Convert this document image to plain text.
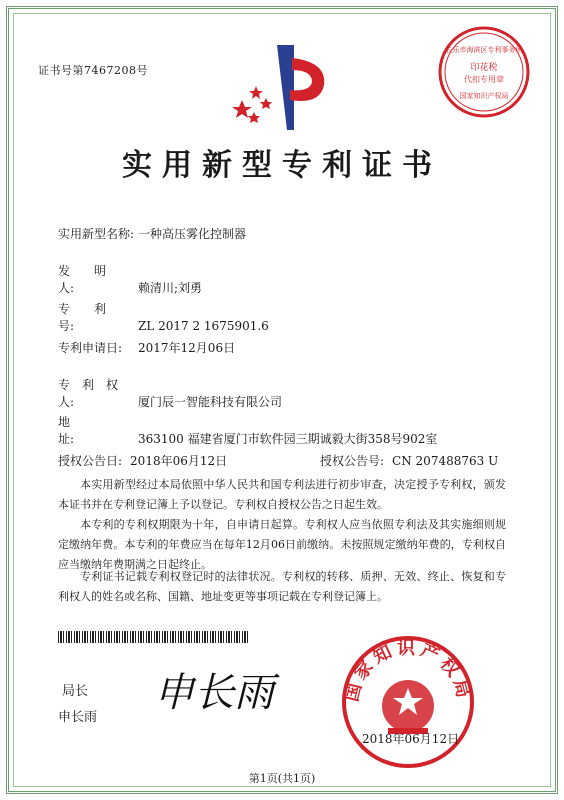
证书号第7467208号
长乐市海滨区专利事务所
印花税
代扣专用章
国家知识产权局
实用新型专利证书
实用新型名称: 一种高压雾化控制器
发　　明　　人:	赖清川;刘勇
专　　利　　号:	ZL 2017 2 1675901.6
专利申请日: 2017年12月06日
专　利　权　人:	厦门辰一智能科技有限公司
地　　　　　址:	363100 福建省厦门市软件园三期诚毅大街358号902室
授权公告日: 2018年06月12日	授权公告号: CN 207488763 U

本实用新型经过本局依照中华人民共和国专利法进行初步审查，决定授予专利权，颁发本证书并在专利登记簿上予以登记。专利权自授权公告之日起生效。

本专利的专利权期限为十年，自申请日起算。专利权人应当依照专利法及其实施细则规定缴纳年费。本专利的年费应当在每年12月06日前缴纳。未按照规定缴纳年费的，专利权自应当缴纳年费期满之日起终止。

专利证书记载专利权登记时的法律状况。专利权的转移、质押、无效、终止、恢复和专利权人的姓名或名称、国籍、地址变更等事项记载在专利登记簿上。

局长
申长雨
申长雨	国家知识产权局
2018年06月12日
第1页(共1页)
